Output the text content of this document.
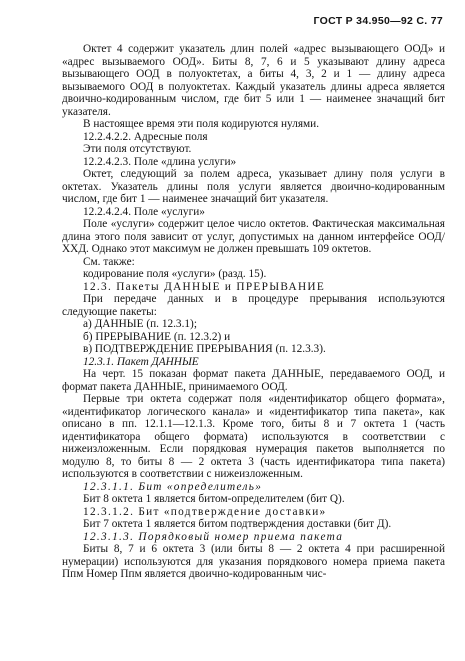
ГОСТ Р 34.950—92 С. 77

Октет 4 содержит указатель длин полей «адрес вызывающего ООД» и «адрес вызываемого ООД». Биты 8, 7, 6 и 5 указывают длину адреса вызывающего ООД в полуоктетах, а биты 4, 3, 2 и 1 — длину адреса вызываемого ООД в полуоктетах. Каждый указатель длины адреса является двоично-кодированным числом, где бит 5 или 1 — наименее значащий бит указателя.

В настоящее время эти поля кодируются нулями.

12.2.4.2.2. Адресные поля

Эти поля отсутствуют.

12.2.4.2.3. Поле «длина услуги»

Октет, следующий за полем адреса, указывает длину поля услуги в октетах. Указатель длины поля услуги является двоично-кодированным числом, где бит 1 — наименее значащий бит указателя.

12.2.4.2.4. Поле «услуги»

Поле «услуги» содержит целое число октетов. Фактическая максимальная длина этого поля зависит от услуг, допустимых на данном интерфейсе ООД/ХХД. Однако этот максимум не должен превышать 109 октетов.

См. также:

кодирование поля «услуги» (разд. 15).

12.3. Пакеты ДАННЫЕ и ПРЕРЫВАНИЕ

При передаче данных и в процедуре прерывания используются следующие пакеты:

а) ДАННЫЕ (п. 12.3.1);

б) ПРЕРЫВАНИЕ (п. 12.3.2) и

в) ПОДТВЕРЖДЕНИЕ ПРЕРЫВАНИЯ (п. 12.3.3).

12.3.1. Пакет ДАННЫЕ

На черт. 15 показан формат пакета ДАННЫЕ, передаваемого ООД, и формат пакета ДАННЫЕ, принимаемого ООД.

Первые три октета содержат поля «идентификатор общего формата», «идентификатор логического канала» и «идентификатор типа пакета», как описано в пп. 12.1.1—12.1.3. Кроме того, биты 8 и 7 октета 1 (часть идентификатора общего формата) используются в соответствии с нижеизложенным. Если порядковая нумерация пакетов выполняется по модулю 8, то биты 8 — 2 октета 3 (часть идентификатора типа пакета) используются в соответствии с нижеизложенным.

12.3.1.1. Бит «определитель»

Бит 8 октета 1 является битом-определителем (бит Q).

12.3.1.2. Бит «подтверждение доставки»

Бит 7 октета 1 является битом подтверждения доставки (бит Д).

12.3.1.3. Порядковый номер приема пакета

Биты 8, 7 и 6 октета 3 (или биты 8 — 2 октета 4 при расширенной нумерации) используются для указания порядкового номера приема пакета Ппм Номер Ппм является двоично-кодированным чис-
